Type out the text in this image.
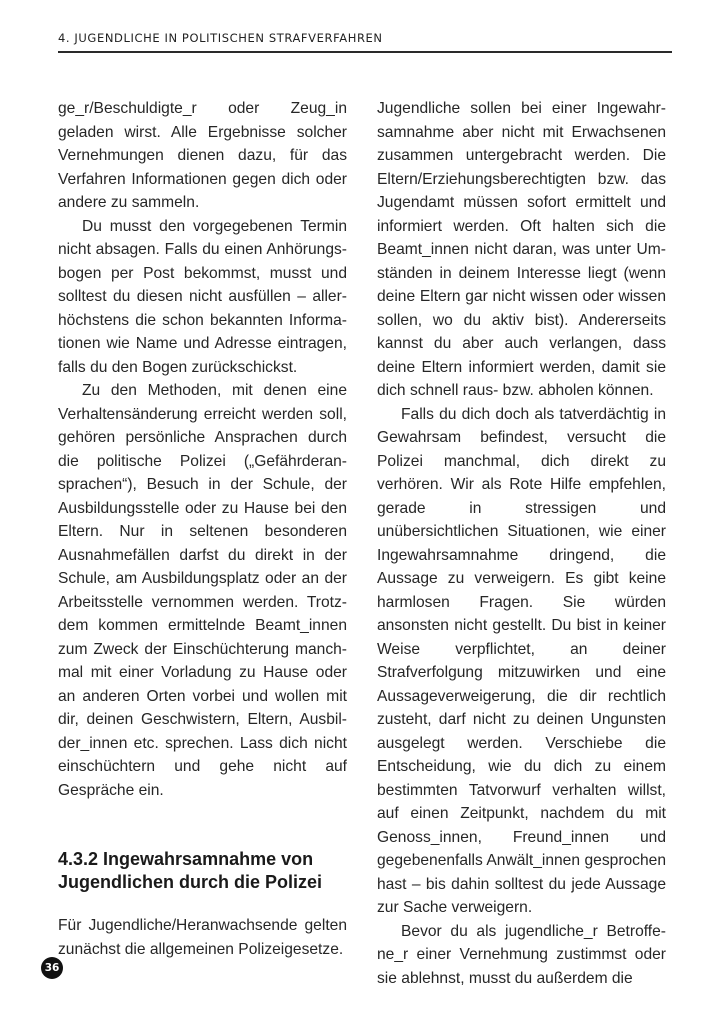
4. JUGENDLICHE IN POLITISCHEN STRAFVERFAHREN

ge_r/Beschuldigte_r oder Zeug_in geladen wirst. Alle Ergebnisse solcher Vernehmungen dienen dazu, für das Verfahren Informationen gegen dich oder andere zu sammeln.

Du musst den vorgegebenen Termin nicht absagen. Falls du einen Anhörungsbogen per Post bekommst, musst und solltest du diesen nicht ausfüllen – allerhöchstens die schon bekannten Informationen wie Name und Adresse eintragen, falls du den Bogen zurückschickst.

Zu den Methoden, mit denen eine Verhaltensänderung erreicht werden soll, gehören persönliche Ansprachen durch die politische Polizei („Gefährderansprachen“), Besuch in der Schule, der Ausbildungsstelle oder zu Hause bei den Eltern. Nur in seltenen besonderen Ausnahmefällen darfst du direkt in der Schule, am Ausbildungsplatz oder an der Arbeitsstelle vernommen werden. Trotzdem kommen ermittelnde Beamt_innen zum Zweck der Einschüchterung manchmal mit einer Vorladung zu Hause oder an anderen Orten vorbei und wollen mit dir, deinen Geschwistern, Eltern, Ausbilder_innen etc. sprechen. Lass dich nicht einschüchtern und gehe nicht auf Gespräche ein.

4.3.2 Ingewahrsamnahme von Jugendlichen durch die Polizei

Für Jugendliche/Heranwachsende gelten zunächst die allgemeinen Polizeigesetze.

Jugendliche sollen bei einer Ingewahrsamnahme aber nicht mit Erwachsenen zusammen untergebracht werden. Die Eltern/Erziehungsberechtigten bzw. das Jugendamt müssen sofort ermittelt und informiert werden. Oft halten sich die Beamt_innen nicht daran, was unter Umständen in deinem Interesse liegt (wenn deine Eltern gar nicht wissen oder wissen sollen, wo du aktiv bist). Andererseits kannst du aber auch verlangen, dass deine Eltern informiert werden, damit sie dich schnell raus- bzw. abholen können.

Falls du dich doch als tatverdächtig in Gewahrsam befindest, versucht die Polizei manchmal, dich direkt zu verhören. Wir als Rote Hilfe empfehlen, gerade in stressigen und unübersichtlichen Situationen, wie einer Ingewahrsamnahme dringend, die Aussage zu verweigern. Es gibt keine harmlosen Fragen. Sie würden ansonsten nicht gestellt. Du bist in keiner Weise verpflichtet, an deiner Strafverfolgung mitzuwirken und eine Aussageverweigerung, die dir rechtlich zusteht, darf nicht zu deinen Ungunsten ausgelegt werden. Verschiebe die Entscheidung, wie du dich zu einem bestimmten Tatvorwurf verhalten willst, auf einen Zeitpunkt, nachdem du mit Genoss_innen, Freund_innen und gegebenenfalls Anwält_innen gesprochen hast – bis dahin solltest du jede Aussage zur Sache verweigern.

Bevor du als jugendliche_r Betroffene_r einer Vernehmung zustimmst oder sie ablehnst, musst du außerdem die

36
